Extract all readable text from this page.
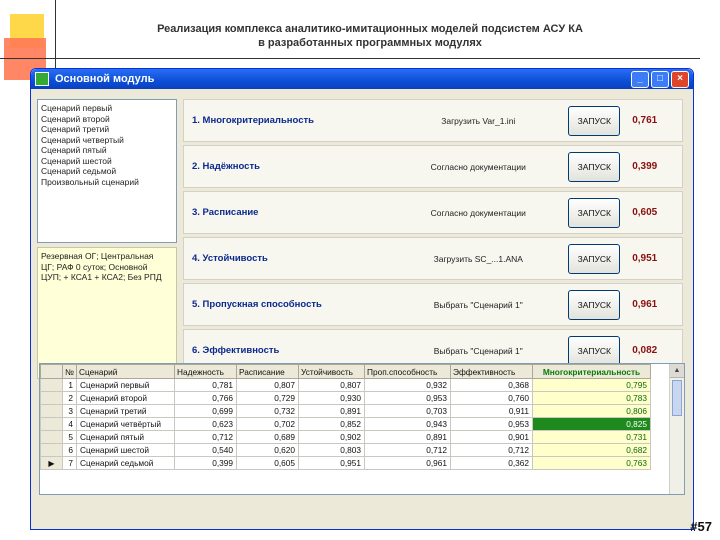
Реализация комплекса аналитико-имитационных моделей подсистем АСУ КА
в разработанных программных модулях
Основной модуль	_	□	×
Сценарий первый
Сценарий второй
Сценарий третий
Сценарий четвертый
Сценарий пятый
Сценарий шестой
Сценарий седьмой
Произвольный сценарий
Резервная ОГ; Центральная
ЦГ; РАФ 0 суток; Основной
ЦУП; + КСА1 + КСА2; Без РПД
1. Многокритериальность	Загрузить Var_1.ini	ЗАПУСК	0,761
2. Надёжность	Согласно документации	ЗАПУСК	0,399
3. Расписание	Согласно документации	ЗАПУСК	0,605
4. Устойчивость	Загрузить SC_...1.ANA	ЗАПУСК	0,951
5. Пропускная способность	Выбрать "Сценарий 1"	ЗАПУСК	0,961
6. Эффективность	Выбрать "Сценарий 1"	ЗАПУСК	0,082
	№	Сценарий	Надежность	Расписание	Устойчивость	Проп.способность	Эффективность	Многокритериальность
	1	Сценарий первый	0,781	0,807	0,807	0,932	0,368	0,795
	2	Сценарий второй	0,766	0,729	0,930	0,953	0,760	0,783
	3	Сценарий третий	0,699	0,732	0,891	0,703	0,911	0,806
	4	Сценарий четвёртый	0,623	0,702	0,852	0,943	0,953	0,825
	5	Сценарий пятый	0,712	0,689	0,902	0,891	0,901	0,731
	6	Сценарий шестой	0,540	0,620	0,803	0,712	0,712	0,682
▶	7	Сценарий седьмой	0,399	0,605	0,951	0,961	0,362	0,763
▲
#57
